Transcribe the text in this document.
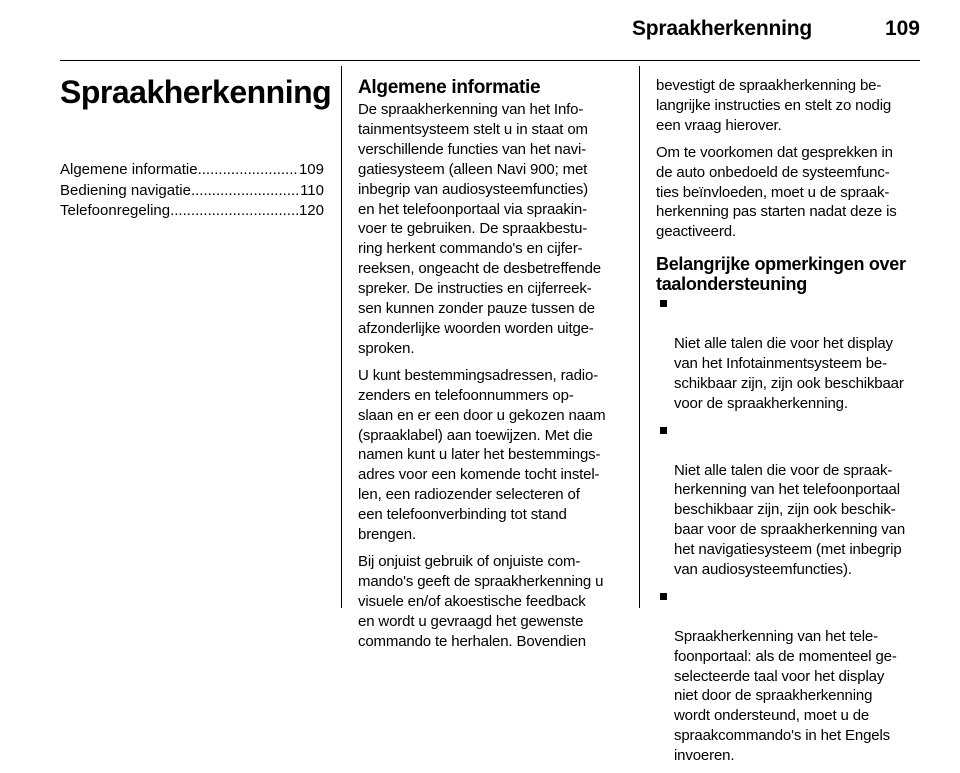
Spraakherkenning	109
Spraakherkenning
Algemene informatie .....	109
Bediening navigatie .....	110
Telefoonregeling .....	120
Algemene informatie

De spraakherkenning van het Info-
tainmentsysteem stelt u in staat om
verschillende functies van het navi-
gatiesysteem (alleen Navi 900; met
inbegrip van audiosysteemfuncties)
en het telefoonportaal via spraakin-
voer te gebruiken. De spraakbestu-
ring herkent commando's en cijfer-
reeksen, ongeacht de desbetreffende
spreker. De instructies en cijferreek-
sen kunnen zonder pauze tussen de
afzonderlijke woorden worden uitge-
sproken.

U kunt bestemmingsadressen, radio-
zenders en telefoonnummers op-
slaan en er een door u gekozen naam
(spraaklabel) aan toewijzen. Met die
namen kunt u later het bestemmings-
adres voor een komende tocht instel-
len, een radiozender selecteren of
een telefoonverbinding tot stand
brengen.

Bij onjuist gebruik of onjuiste com-
mando's geeft de spraakherkenning u
visuele en/of akoestische feedback
en wordt u gevraagd het gewenste
commando te herhalen. Bovendien

bevestigt de spraakherkenning be-
langrijke instructies en stelt zo nodig
een vraag hierover.

Om te voorkomen dat gesprekken in
de auto onbedoeld de systeemfunc-
ties beïnvloeden, moet u de spraak-
herkenning pas starten nadat deze is
geactiveerd.

Belangrijke opmerkingen over
taalondersteuning

Niet alle talen die voor het display
van het Infotainmentsysteem be-
schikbaar zijn, zijn ook beschikbaar
voor de spraakherkenning.

Niet alle talen die voor de spraak-
herkenning van het telefoonportaal
beschikbaar zijn, zijn ook beschik-
baar voor de spraakherkenning van
het navigatiesysteem (met inbegrip
van audiosysteemfuncties).

Spraakherkenning van het tele-
foonportaal: als de momenteel ge-
selecteerde taal voor het display
niet door de spraakherkenning
wordt ondersteund, moet u de
spraakcommando's in het Engels
invoeren.
